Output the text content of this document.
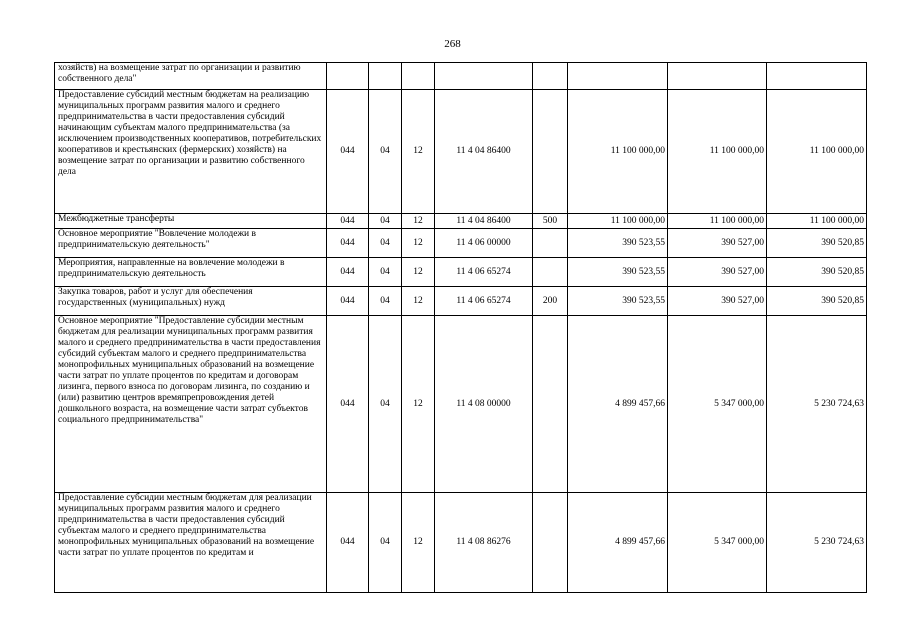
268
хозяйств) на возмещение затрат по организации и развитию собственного дела"								
Предоставление субсидий местным бюджетам на реализацию муниципальных программ развития малого и среднего предпринимательства в части предоставления субсидий начинающим субъектам малого предпринимательства (за исключением производственных кооперативов, потребительских кооперативов и крестьянских (фермерских) хозяйств) на возмещение затрат по организации и развитию собственного дела	044	04	12	11 4 04 86400		11 100 000,00	11 100 000,00	11 100 000,00
Межбюджетные трансферты	044	04	12	11 4 04 86400	500	11 100 000,00	11 100 000,00	11 100 000,00
Основное мероприятие "Вовлечение молодежи в предпринимательскую деятельность"	044	04	12	11 4 06 00000		390 523,55	390 527,00	390 520,85
Мероприятия, направленные на вовлечение молодежи в предпринимательскую деятельность	044	04	12	11 4 06 65274		390 523,55	390 527,00	390 520,85
Закупка товаров, работ и услуг для обеспечения государственных (муниципальных) нужд	044	04	12	11 4 06 65274	200	390 523,55	390 527,00	390 520,85
Основное мероприятие "Предоставление субсидии местным бюджетам для реализации муниципальных программ развития малого и среднего предпринимательства в части предоставления субсидий субъектам малого и среднего предпринимательства монопрофильных муниципальных образований на возмещение части затрат по уплате процентов по кредитам и договорам лизинга, первого взноса по договорам лизинга, по созданию и (или) развитию центров времяпрепровождения детей дошкольного возраста, на возмещение части затрат субъектов социального предпринимательства"	044	04	12	11 4 08 00000		4 899 457,66	5 347 000,00	5 230 724,63
Предоставление субсидии местным бюджетам для реализации муниципальных программ развития малого и среднего предпринимательства в части предоставления субсидий субъектам малого и среднего предпринимательства монопрофильных муниципальных образований на возмещение части затрат по уплате процентов по кредитам и	044	04	12	11 4 08 86276		4 899 457,66	5 347 000,00	5 230 724,63
